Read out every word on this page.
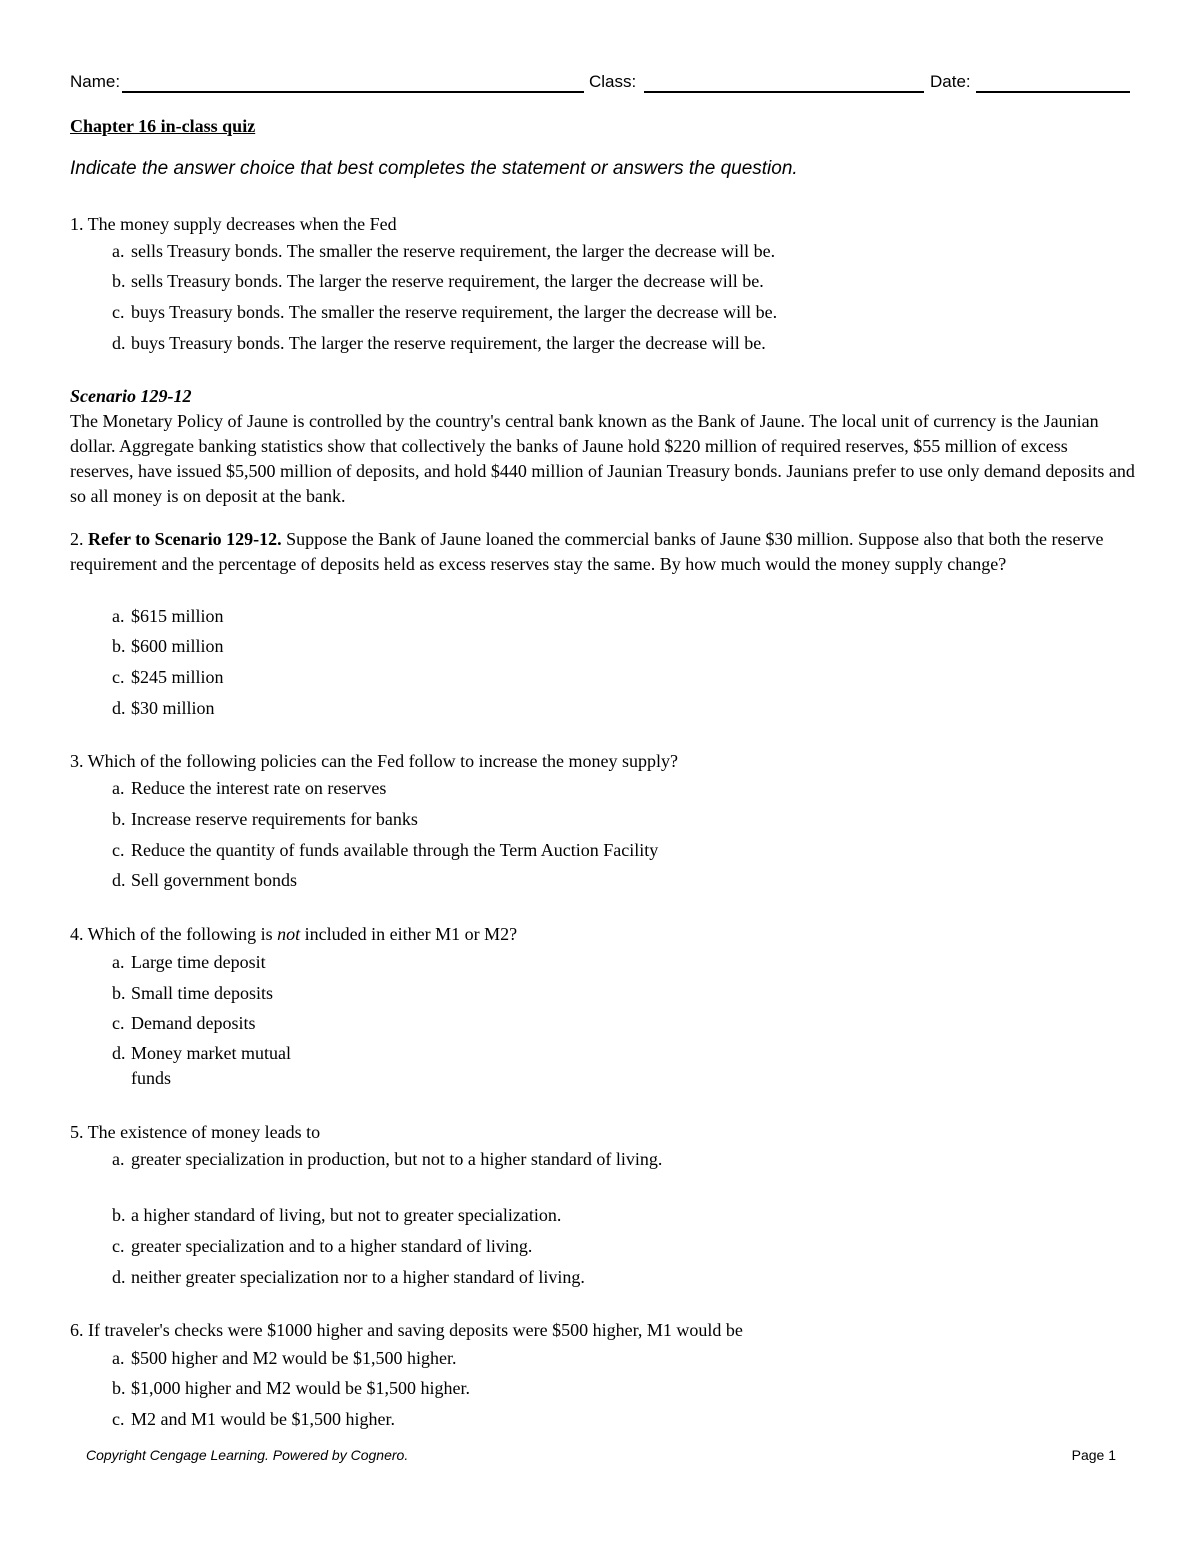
Name:	Class:	Date:
Chapter 16 in-class quiz
Indicate the answer choice that best completes the statement or answers the question.
1. The money supply decreases when the Fed
a. sells Treasury bonds. The smaller the reserve requirement, the larger the decrease will be.
b. sells Treasury bonds. The larger the reserve requirement, the larger the decrease will be.
c. buys Treasury bonds. The smaller the reserve requirement, the larger the decrease will be.
d. buys Treasury bonds. The larger the reserve requirement, the larger the decrease will be.
Scenario 129-12
The Monetary Policy of Jaune is controlled by the country's central bank known as the Bank of Jaune. The local unit of currency is the Jaunian dollar. Aggregate banking statistics show that collectively the banks of Jaune hold $220 million of required reserves, $55 million of excess reserves, have issued $5,500 million of deposits, and hold $440 million of Jaunian Treasury bonds. Jaunians prefer to use only demand deposits and so all money is on deposit at the bank.
2. Refer to Scenario 129-12. Suppose the Bank of Jaune loaned the commercial banks of Jaune $30 million. Suppose also that both the reserve requirement and the percentage of deposits held as excess reserves stay the same. By how much would the money supply change?
a. $615 million
b. $600 million
c. $245 million
d. $30 million
3. Which of the following policies can the Fed follow to increase the money supply?
a. Reduce the interest rate on reserves
b. Increase reserve requirements for banks
c. Reduce the quantity of funds available through the Term Auction Facility
d. Sell government bonds
4. Which of the following is not included in either M1 or M2?
a. Large time deposit
b. Small time deposits
c. Demand deposits
d. Money market mutual funds
5. The existence of money leads to
a. greater specialization in production, but not to a higher standard of living.
b. a higher standard of living, but not to greater specialization.
c. greater specialization and to a higher standard of living.
d. neither greater specialization nor to a higher standard of living.
6. If traveler's checks were $1000 higher and saving deposits were $500 higher, M1 would be
a. $500 higher and M2 would be $1,500 higher.
b. $1,000 higher and M2 would be $1,500 higher.
c. M2 and M1 would be $1,500 higher.
Copyright Cengage Learning. Powered by Cognero.	Page 1
